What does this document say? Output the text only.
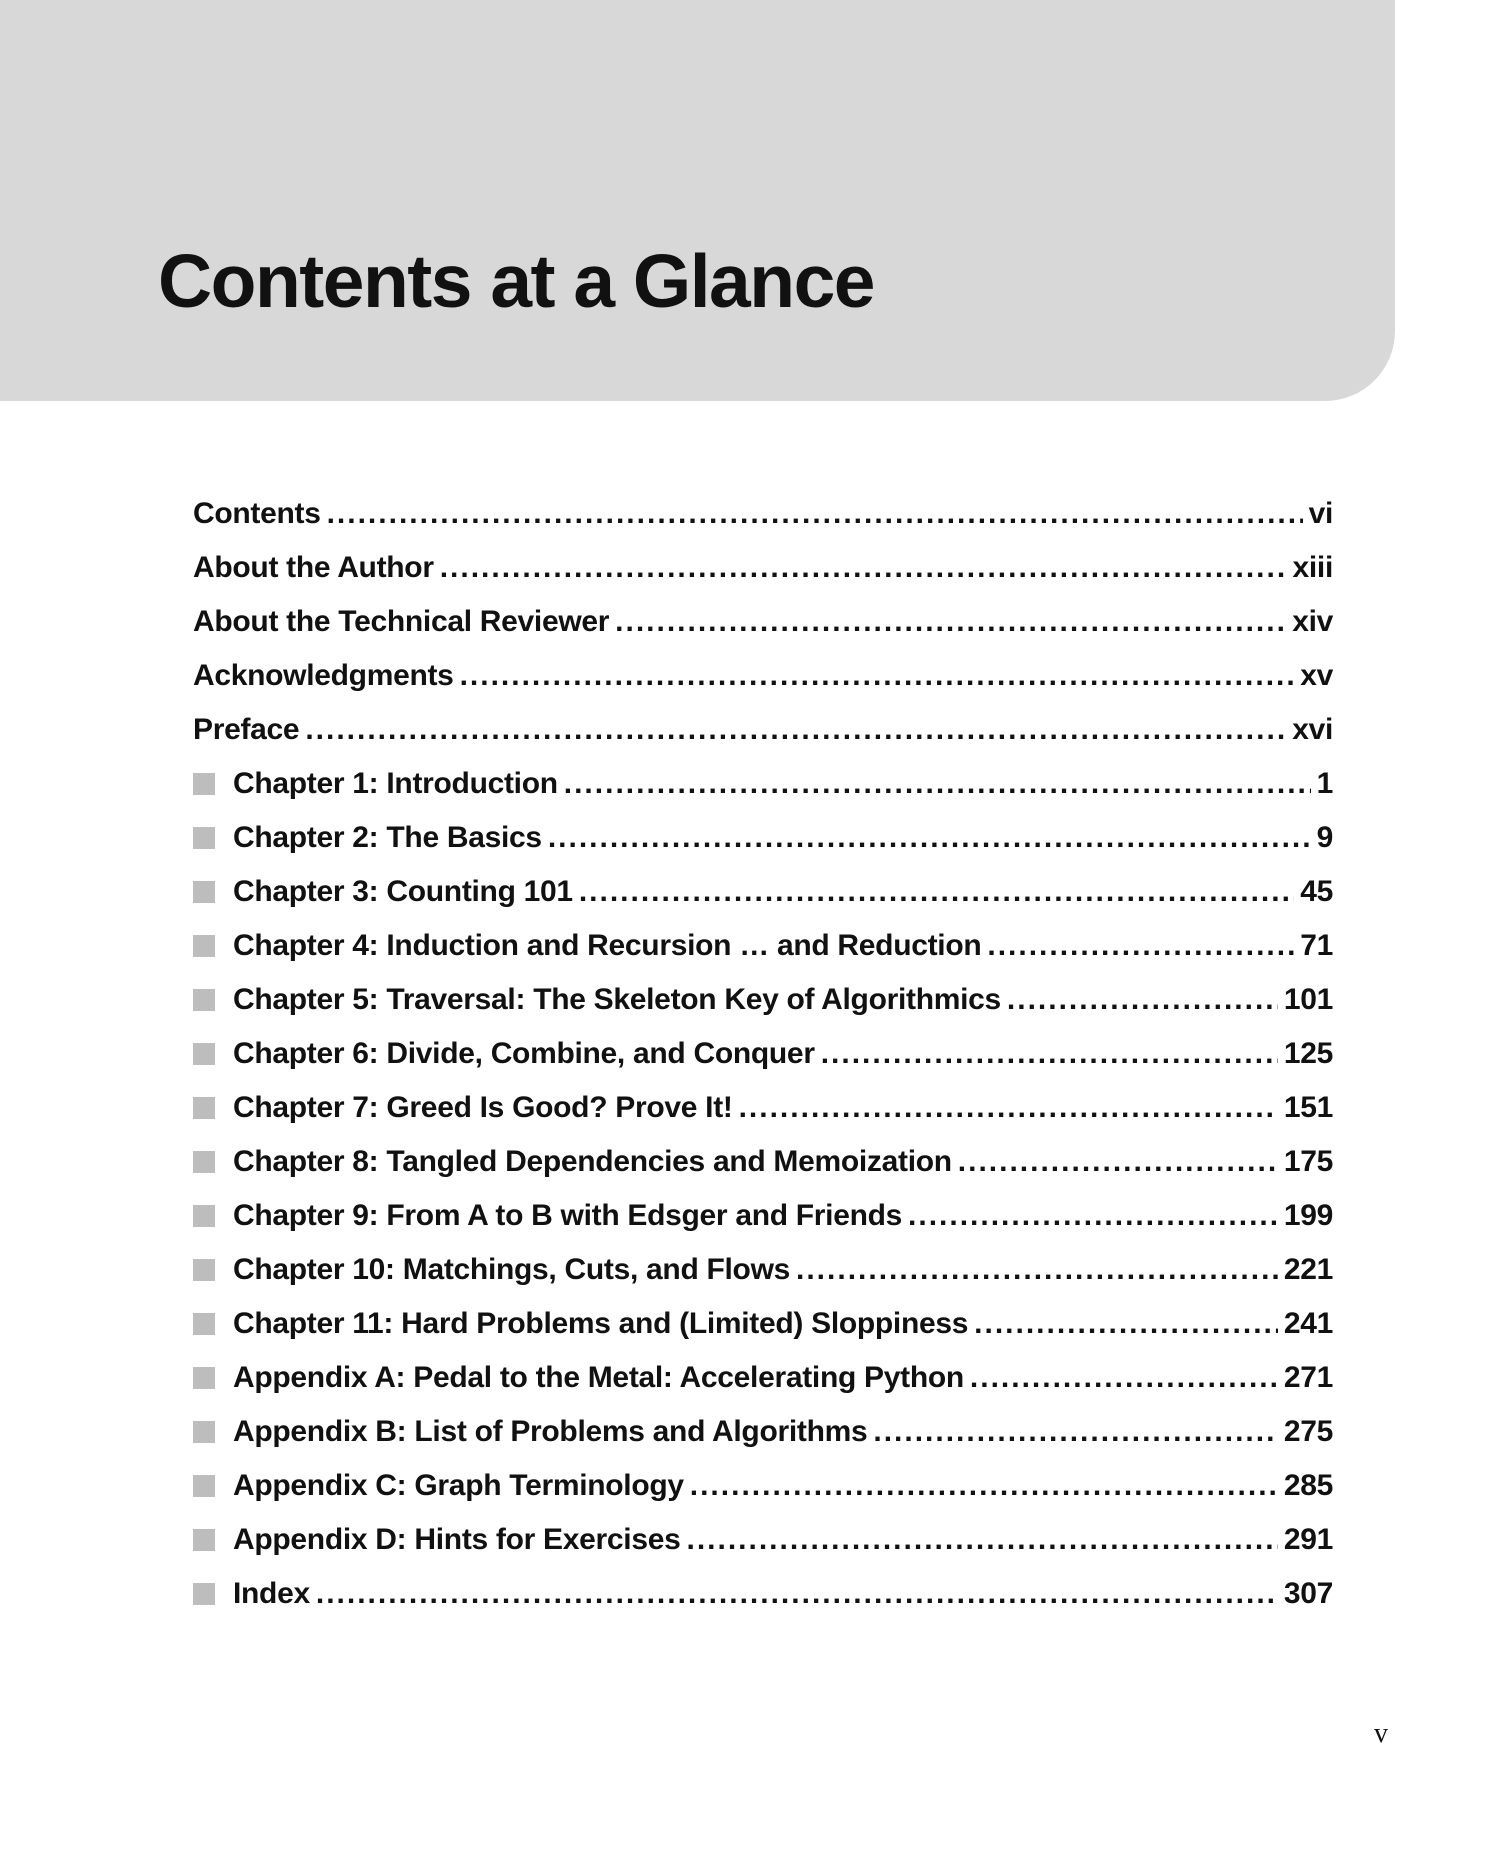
Contents at a Glance
Contents .....	vi
About the Author .....	xiii
About the Technical Reviewer .....	xiv
Acknowledgments .....	xv
Preface .....	xvi
Chapter 1: Introduction .....	1
Chapter 2: The Basics .....	9
Chapter 3: Counting 101 .....	45
Chapter 4: Induction and Recursion … and Reduction .....	71
Chapter 5: Traversal: The Skeleton Key of Algorithmics .....	101
Chapter 6: Divide, Combine, and Conquer .....	125
Chapter 7: Greed Is Good? Prove It! .....	151
Chapter 8: Tangled Dependencies and Memoization .....	175
Chapter 9: From A to B with Edsger and Friends .....	199
Chapter 10: Matchings, Cuts, and Flows .....	221
Chapter 11: Hard Problems and (Limited) Sloppiness .....	241
Appendix A: Pedal to the Metal: Accelerating Python .....	271
Appendix B: List of Problems and Algorithms .....	275
Appendix C: Graph Terminology .....	285
Appendix D: Hints for Exercises .....	291
Index .....	307
v
